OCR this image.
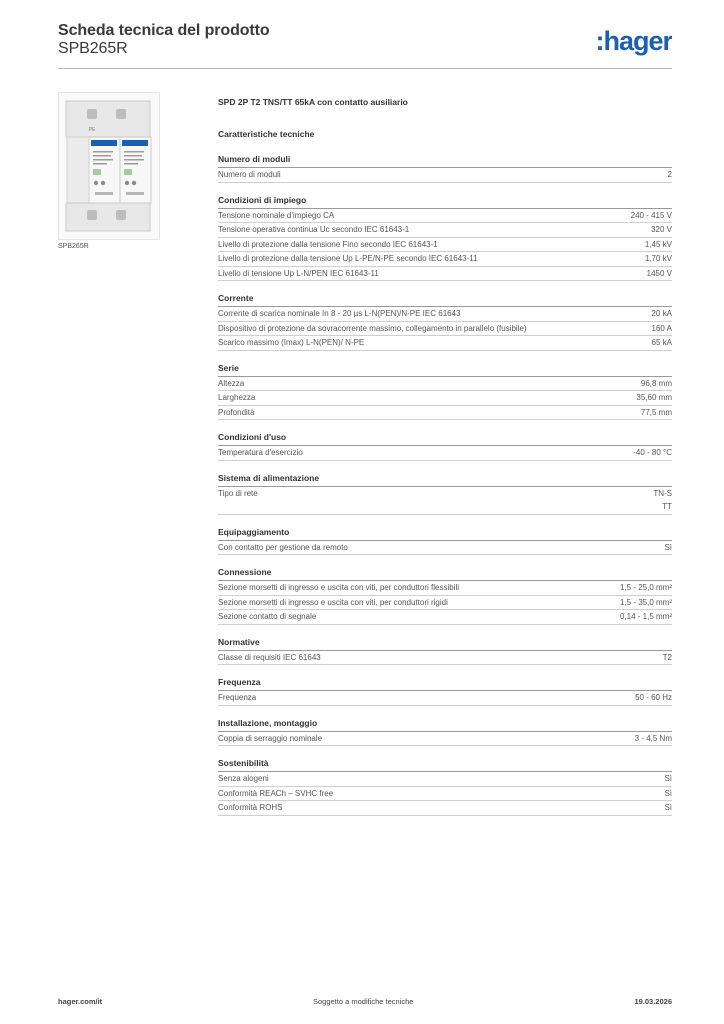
Scheda tecnica del prodotto
SPB265R	:hager
PE
SPB265R
SPD 2P T2 TNS/TT 65kA con contatto ausiliario
Caratteristiche tecniche
Numero di moduli
Numero di moduli	2
Condizioni di impiego
Tensione nominale d'impiego CA	240 - 415 V
Tensione operativa continua Uc secondo IEC 61643-1	320 V
Livello di protezione dalla tensione Fino secondo IEC 61643-1	1,45 kV
Livello di protezione dalla tensione Up L-PE/N-PE secondo IEC 61643-11	1,70 kV
Livello di tensione Up L-N/PEN IEC 61643-11	1450 V
Corrente
Corrente di scarica nominale In 8 - 20 µs L-N(PEN)/N-PE IEC 61643	20 kA
Dispositivo di protezione da sovracorrente massimo, collegamento in parallelo (fusibile)	160 A
Scarico massimo (Imax) L-N(PEN)/ N-PE	65 kA
Serie
Altezza	96,8 mm
Larghezza	35,60 mm
Profondità	77,5 mm
Condizioni d'uso
Temperatura d'esercizio	-40 - 80 °C
Sistema di alimentazione
Tipo di rete	TN-S
TT
Equipaggiamento
Con contatto per gestione da remoto	Sì
Connessione
Sezione morsetti di ingresso e uscita con viti, per conduttori flessibili	1,5 - 25,0 mm²
Sezione morsetti di ingresso e uscita con viti, per conduttori rigidi	1,5 - 35,0 mm²
Sezione contatto di segnale	0,14 - 1,5 mm²
Normative
Classe di requisiti IEC 61643	T2
Frequenza
Frequenza	50 - 60 Hz
Installazione, montaggio
Coppia di serraggio nominale	3 - 4,5 Nm
Sostenibilità
Senza alogeni	Sì
Conformità REACh – SVHC free	Sì
Conformità ROHS	Sì
hager.com/it	Soggetto a modifiche tecniche	19.03.2026
